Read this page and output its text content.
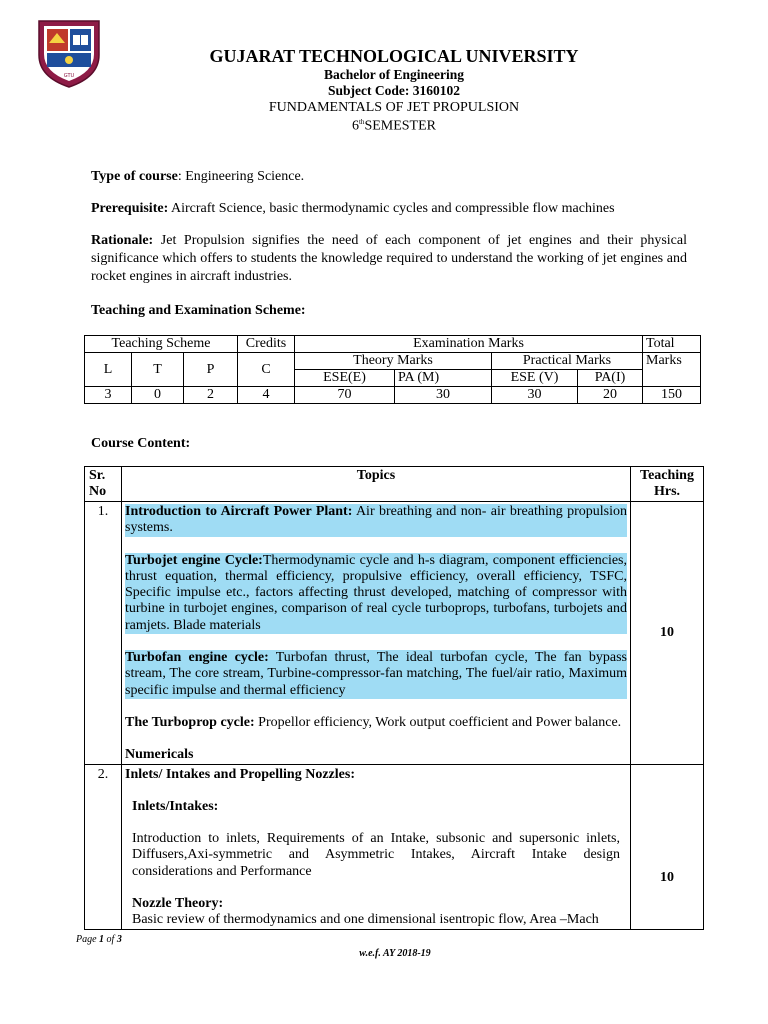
GTU
GUJARAT TECHNOLOGICAL UNIVERSITY
Bachelor of Engineering
Subject Code: 3160102
FUNDAMENTALS OF JET PROPULSION
6thSEMESTER
Type of course: Engineering Science.
Prerequisite: Aircraft Science, basic thermodynamic cycles and compressible flow machines
Rationale: Jet Propulsion signifies the need of each component of jet engines and their physical significance which offers to students the knowledge required to understand the working of jet engines and rocket engines in aircraft industries.
Teaching and Examination Scheme:
Teaching Scheme			Credits	Examination Marks				Total
L	T	P	C	Theory Marks		Practical Marks		Marks
				ESE(E)	PA (M)	ESE (V)	PA(I)	
3	0	2	4	70	30	30	20	150
Course Content:
Sr.
No	Topics	Teaching
Hrs.
1.	Introduction to Aircraft Power Plant: Air breathing and non- air breathing propulsion systems.
Turbojet engine Cycle:Thermodynamic cycle and h-s diagram, component efficiencies, thrust equation, thermal efficiency, propulsive efficiency, overall efficiency, TSFC, Specific impulse etc., factors affecting thrust developed, matching of compressor with turbine in turbojet engines, comparison of real cycle turboprops, turbofans, turbojets and ramjets. Blade materials
Turbofan engine cycle: Turbofan thrust, The ideal turbofan cycle, The fan bypass stream, The core stream, Turbine-compressor-fan matching, The fuel/air ratio, Maximum specific impulse and thermal efficiency
The Turboprop cycle: Propellor efficiency, Work output coefficient and Power balance.
Numericals	10
2.	Inlets/ Intakes and Propelling Nozzles:
Inlets/Intakes:
Introduction to inlets, Requirements of an Intake, subsonic and supersonic inlets, Diffusers,Axi-symmetric and Asymmetric Intakes, Aircraft Intake design considerations and Performance
Nozzle Theory:
Basic review of thermodynamics and one dimensional isentropic flow, Area –Mach	10
Page 1 of 3
w.e.f. AY 2018-19
